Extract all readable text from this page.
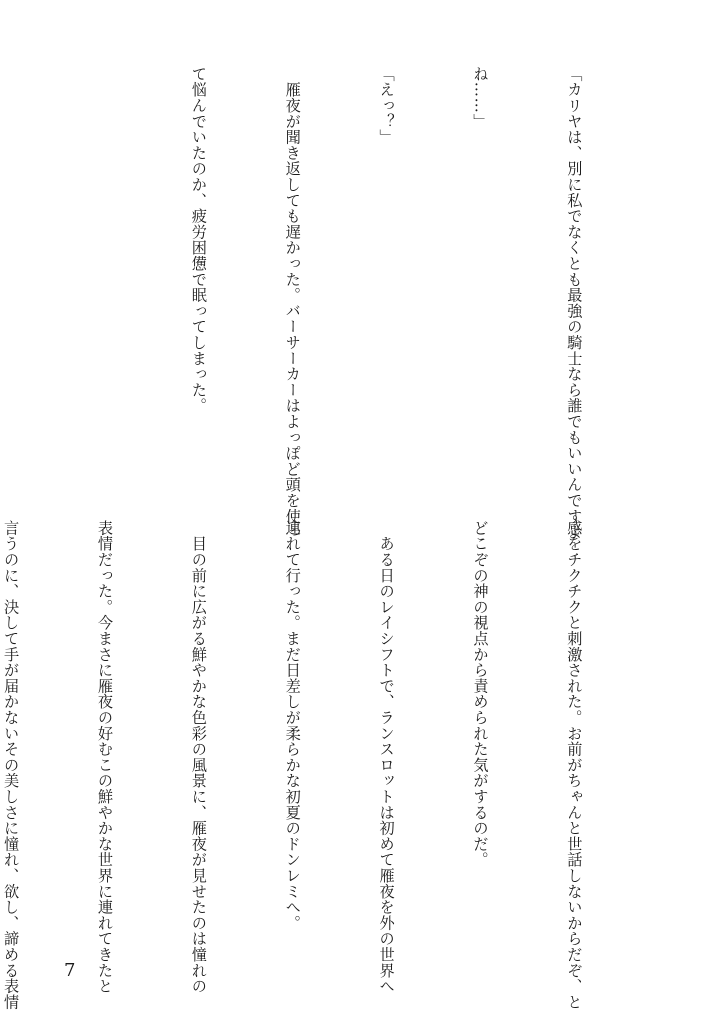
「カリヤは、別に私でなくとも最強の騎士なら誰でもいいんですよ

ね……」

「えっ？」

　雁夜が聞き返しても遅かった。バーサーカーはよっぽど頭を使っ

て悩んでいたのか、疲労困憊で眠ってしまった。

感をチクチクと刺激された。お前がちゃんと世話しないからだぞ、と

どこぞの神の視点から責められた気がするのだ。

　ある日のレイシフトで、ランスロットは初めて雁夜を外の世界へ

連れて行った。まだ日差しが柔らかな初夏のドンレミへ。

　目の前に広がる鮮やかな色彩の風景に、雁夜が見せたのは憧れの

表情だった。今まさに雁夜の好むこの鮮やかな世界に連れてきたと

言うのに、決して手が届かないその美しさに憧れ、欲し、諦める表情

	7
